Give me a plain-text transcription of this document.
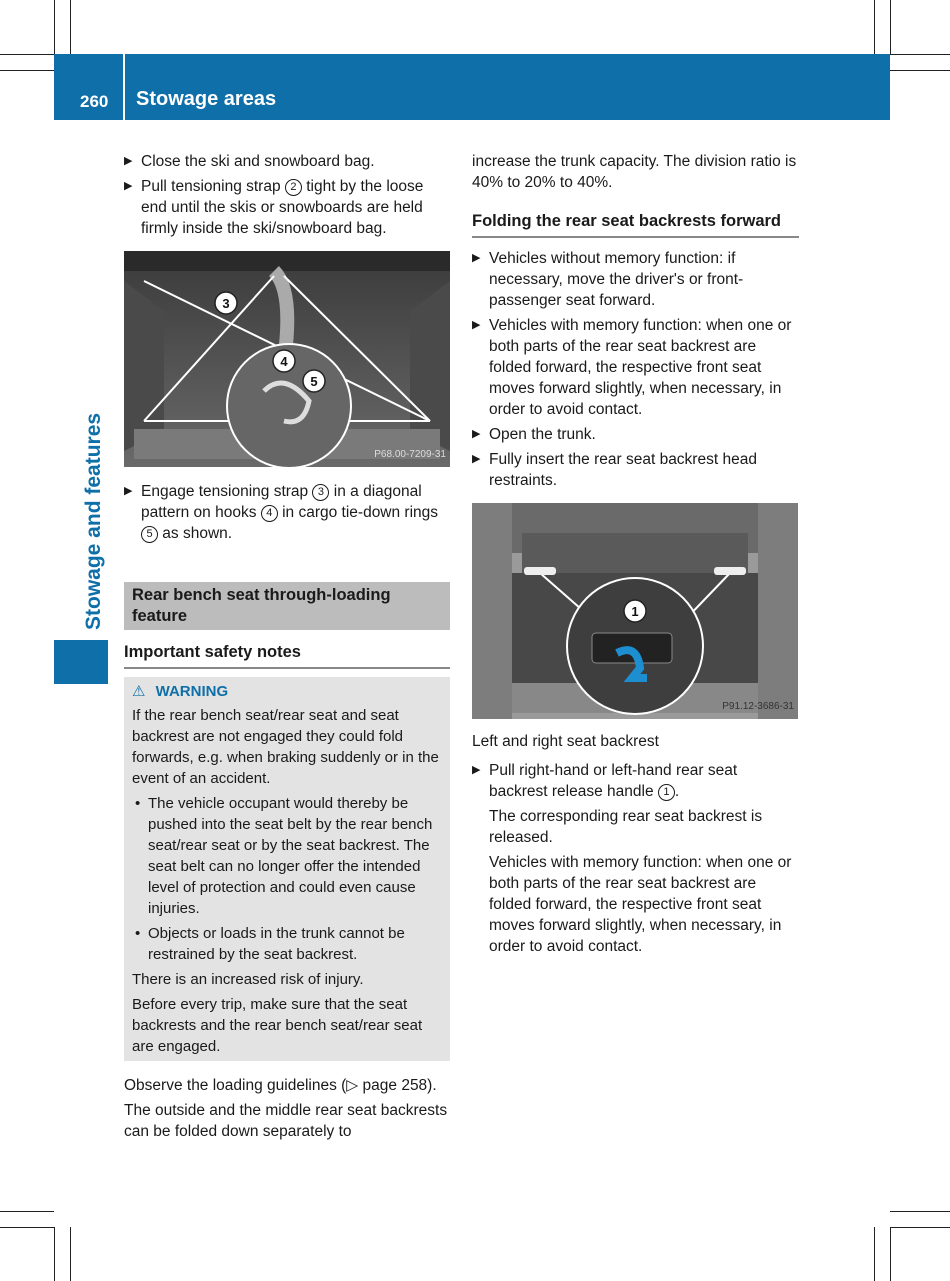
260 Stowage areas
Stowage and features
▶ Close the ski and snowboard bag.
▶ Pull tensioning strap 2 tight by the loose end until the skis or snowboards are held firmly inside the ski/snowboard bag.
3
4
5
P68.00-7209-31
▶ Engage tensioning strap 3 in a diagonal pattern on hooks 4 in cargo tie-down rings 5 as shown.
Rear bench seat through-loading feature
Important safety notes
⚠ WARNING

If the rear bench seat/rear seat and seat backrest are not engaged they could fold forwards, e.g. when braking suddenly or in the event of an accident.

• The vehicle occupant would thereby be pushed into the seat belt by the rear bench seat/rear seat or by the seat backrest. The seat belt can no longer offer the intended level of protection and could even cause injuries.
• Objects or loads in the trunk cannot be restrained by the seat backrest.

There is an increased risk of injury.

Before every trip, make sure that the seat backrests and the rear bench seat/rear seat are engaged.

Observe the loading guidelines (▷ page 258).

The outside and the middle rear seat backrests can be folded down separately to

increase the trunk capacity. The division ratio is 40% to 20% to 40%.

Folding the rear seat backrests forward
▶ Vehicles without memory function: if necessary, move the driver's or front-passenger seat forward.
▶ Vehicles with memory function: when one or both parts of the rear seat backrest are folded forward, the respective front seat moves forward slightly, when necessary, in order to avoid contact.
▶ Open the trunk.
▶ Fully insert the rear seat backrest head restraints.
1
P91.12-3686-31

Left and right seat backrest

▶ Pull right-hand or left-hand rear seat backrest release handle 1 .

The corresponding rear seat backrest is released.

Vehicles with memory function: when one or both parts of the rear seat backrest are folded forward, the respective front seat moves forward slightly, when necessary, in order to avoid contact.
